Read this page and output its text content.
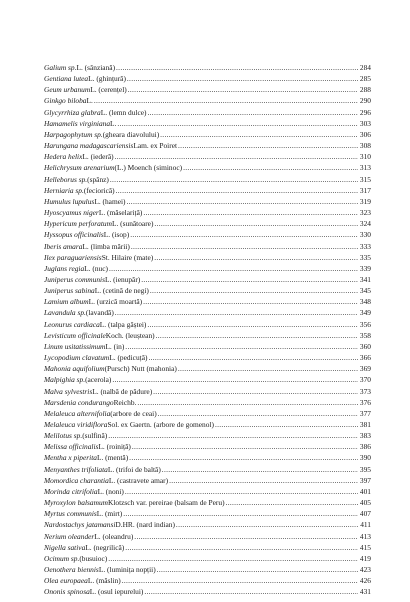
Galium sp. L. (sânziană) .....	284
Gentiana lutea L. (ghințură) .....	285
Geum urbanum L. (cerențel) .....	288
Ginkgo biloba L. .....	290
Glycyrrhiza glabra L. (lemn dulce) .....	296
Hamamelis virginiana L. .....	303
Harpagophytum sp. (gheara diavolului) .....	306
Harungana madagascariensis Lam. ex Poiret .....	308
Hedera helix L. (iederă) .....	310
Helichrysum arenarium (L.) Moench (siminoc) .....	313
Helleborus sp. (spânz) .....	315
Herniaria sp. (feciorică) .....	317
Humulus lupulus L. (hamei) .....	319
Hyoscyamus niger L. (măselariță) .....	323
Hypericum perforatum L. (sunătoare) .....	324
Hyssopus officinalis L. (isop) .....	330
Iberis amara L. (limba mării) .....	333
Ilex paraguariensis St. Hilaire (mate) .....	335
Juglans regia L. (nuc) .....	339
Juniperus communis L. (ienupăr) .....	341
Juniperus sabina L. (cetină de negi) .....	345
Lamium album L. (urzică moartă) .....	348
Lavandula sp. (lavandă) .....	349
Leonurus cardiaca L. (talpa gâștei) .....	356
Levisticum officinale Koch. (leuștean) .....	358
Linum usitatissimum L. (in) .....	360
Lycopodium clavatum L. (pedicuță) .....	366
Mahonia aquifolium (Pursch) Nutt (mahonia) .....	369
Malpighia sp. (acerola) .....	370
Malva sylvestris L. (nalbă de pădure) .....	373
Marsdenia condurango Reichb. .....	376
Melaleuca alternifolia (arbore de ceai) .....	377
Melaleuca viridiflora Sol. ex Gaertn. (arbore de gomenol) .....	381
Melilotus sp. (sulfină) .....	383
Melissa officinalis L. (roiniță) .....	386
Mentha x piperita L. (mentă) .....	390
Menyanthes trifoliata L. (trifoi de baltă) .....	395
Momordica charantia L. (castravete amar) .....	397
Morinda citrifolia L. (noni) .....	401
Myroxylon balsamum Klotzsch var. pereirae (balsam de Peru) .....	405
Myrtus communis L. (mirt) .....	407
Nardostachys jatamansi D.HR. (nard indian) .....	411
Nerium oleander L. (oleandru) .....	413
Nigella sativa L. (negrilică) .....	415
Ocimum sp. (busuioc) .....	419
Oenothera biennis L. (luminița nopții) .....	423
Olea europaea L. (măslin) .....	426
Ononis spinosa L. (osul iepurelui) .....	431
